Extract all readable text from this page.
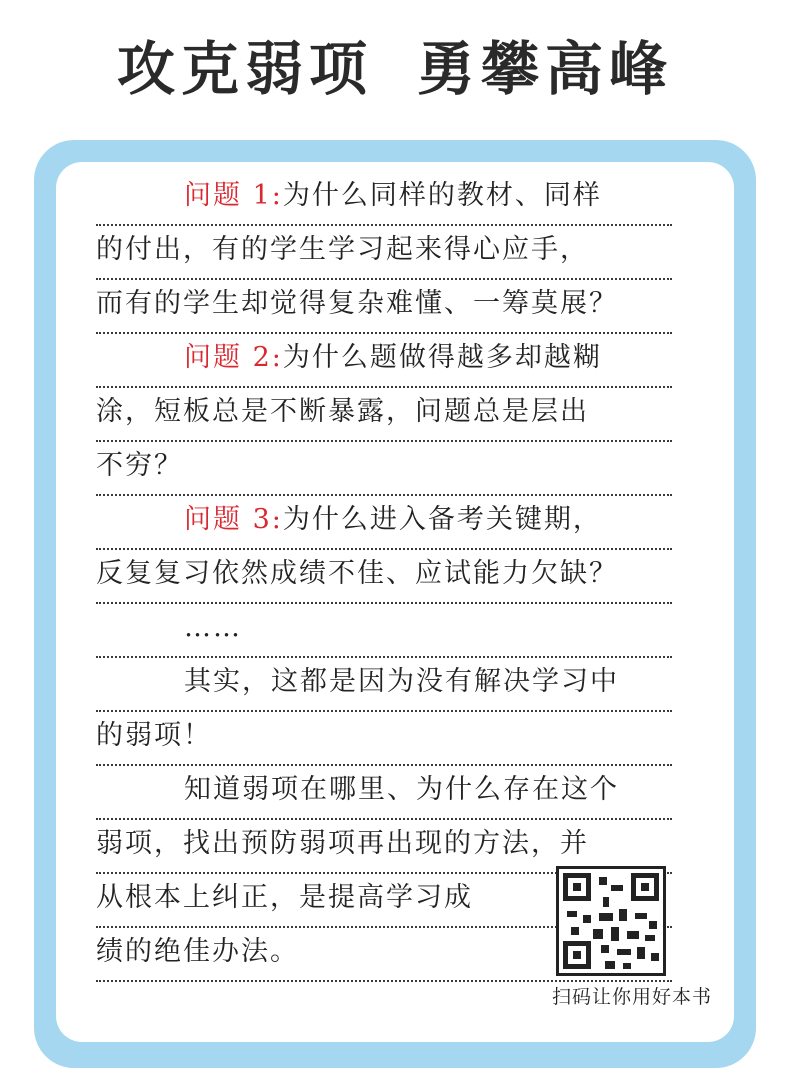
攻克弱项 勇攀高峰
问题 1:为什么同样的教材、同样
的付出，有的学生学习起来得心应手，
而有的学生却觉得复杂难懂、一筹莫展？
问题 2:为什么题做得越多却越糊
涂，短板总是不断暴露，问题总是层出
不穷？
问题 3:为什么进入备考关键期，
反复复习依然成绩不佳、应试能力欠缺？
……
其实，这都是因为没有解决学习中
的弱项！
知道弱项在哪里、为什么存在这个
弱项，找出预防弱项再出现的方法，并
从根本上纠正，是提高学习成
绩的绝佳办法。
扫码让你用好本书
